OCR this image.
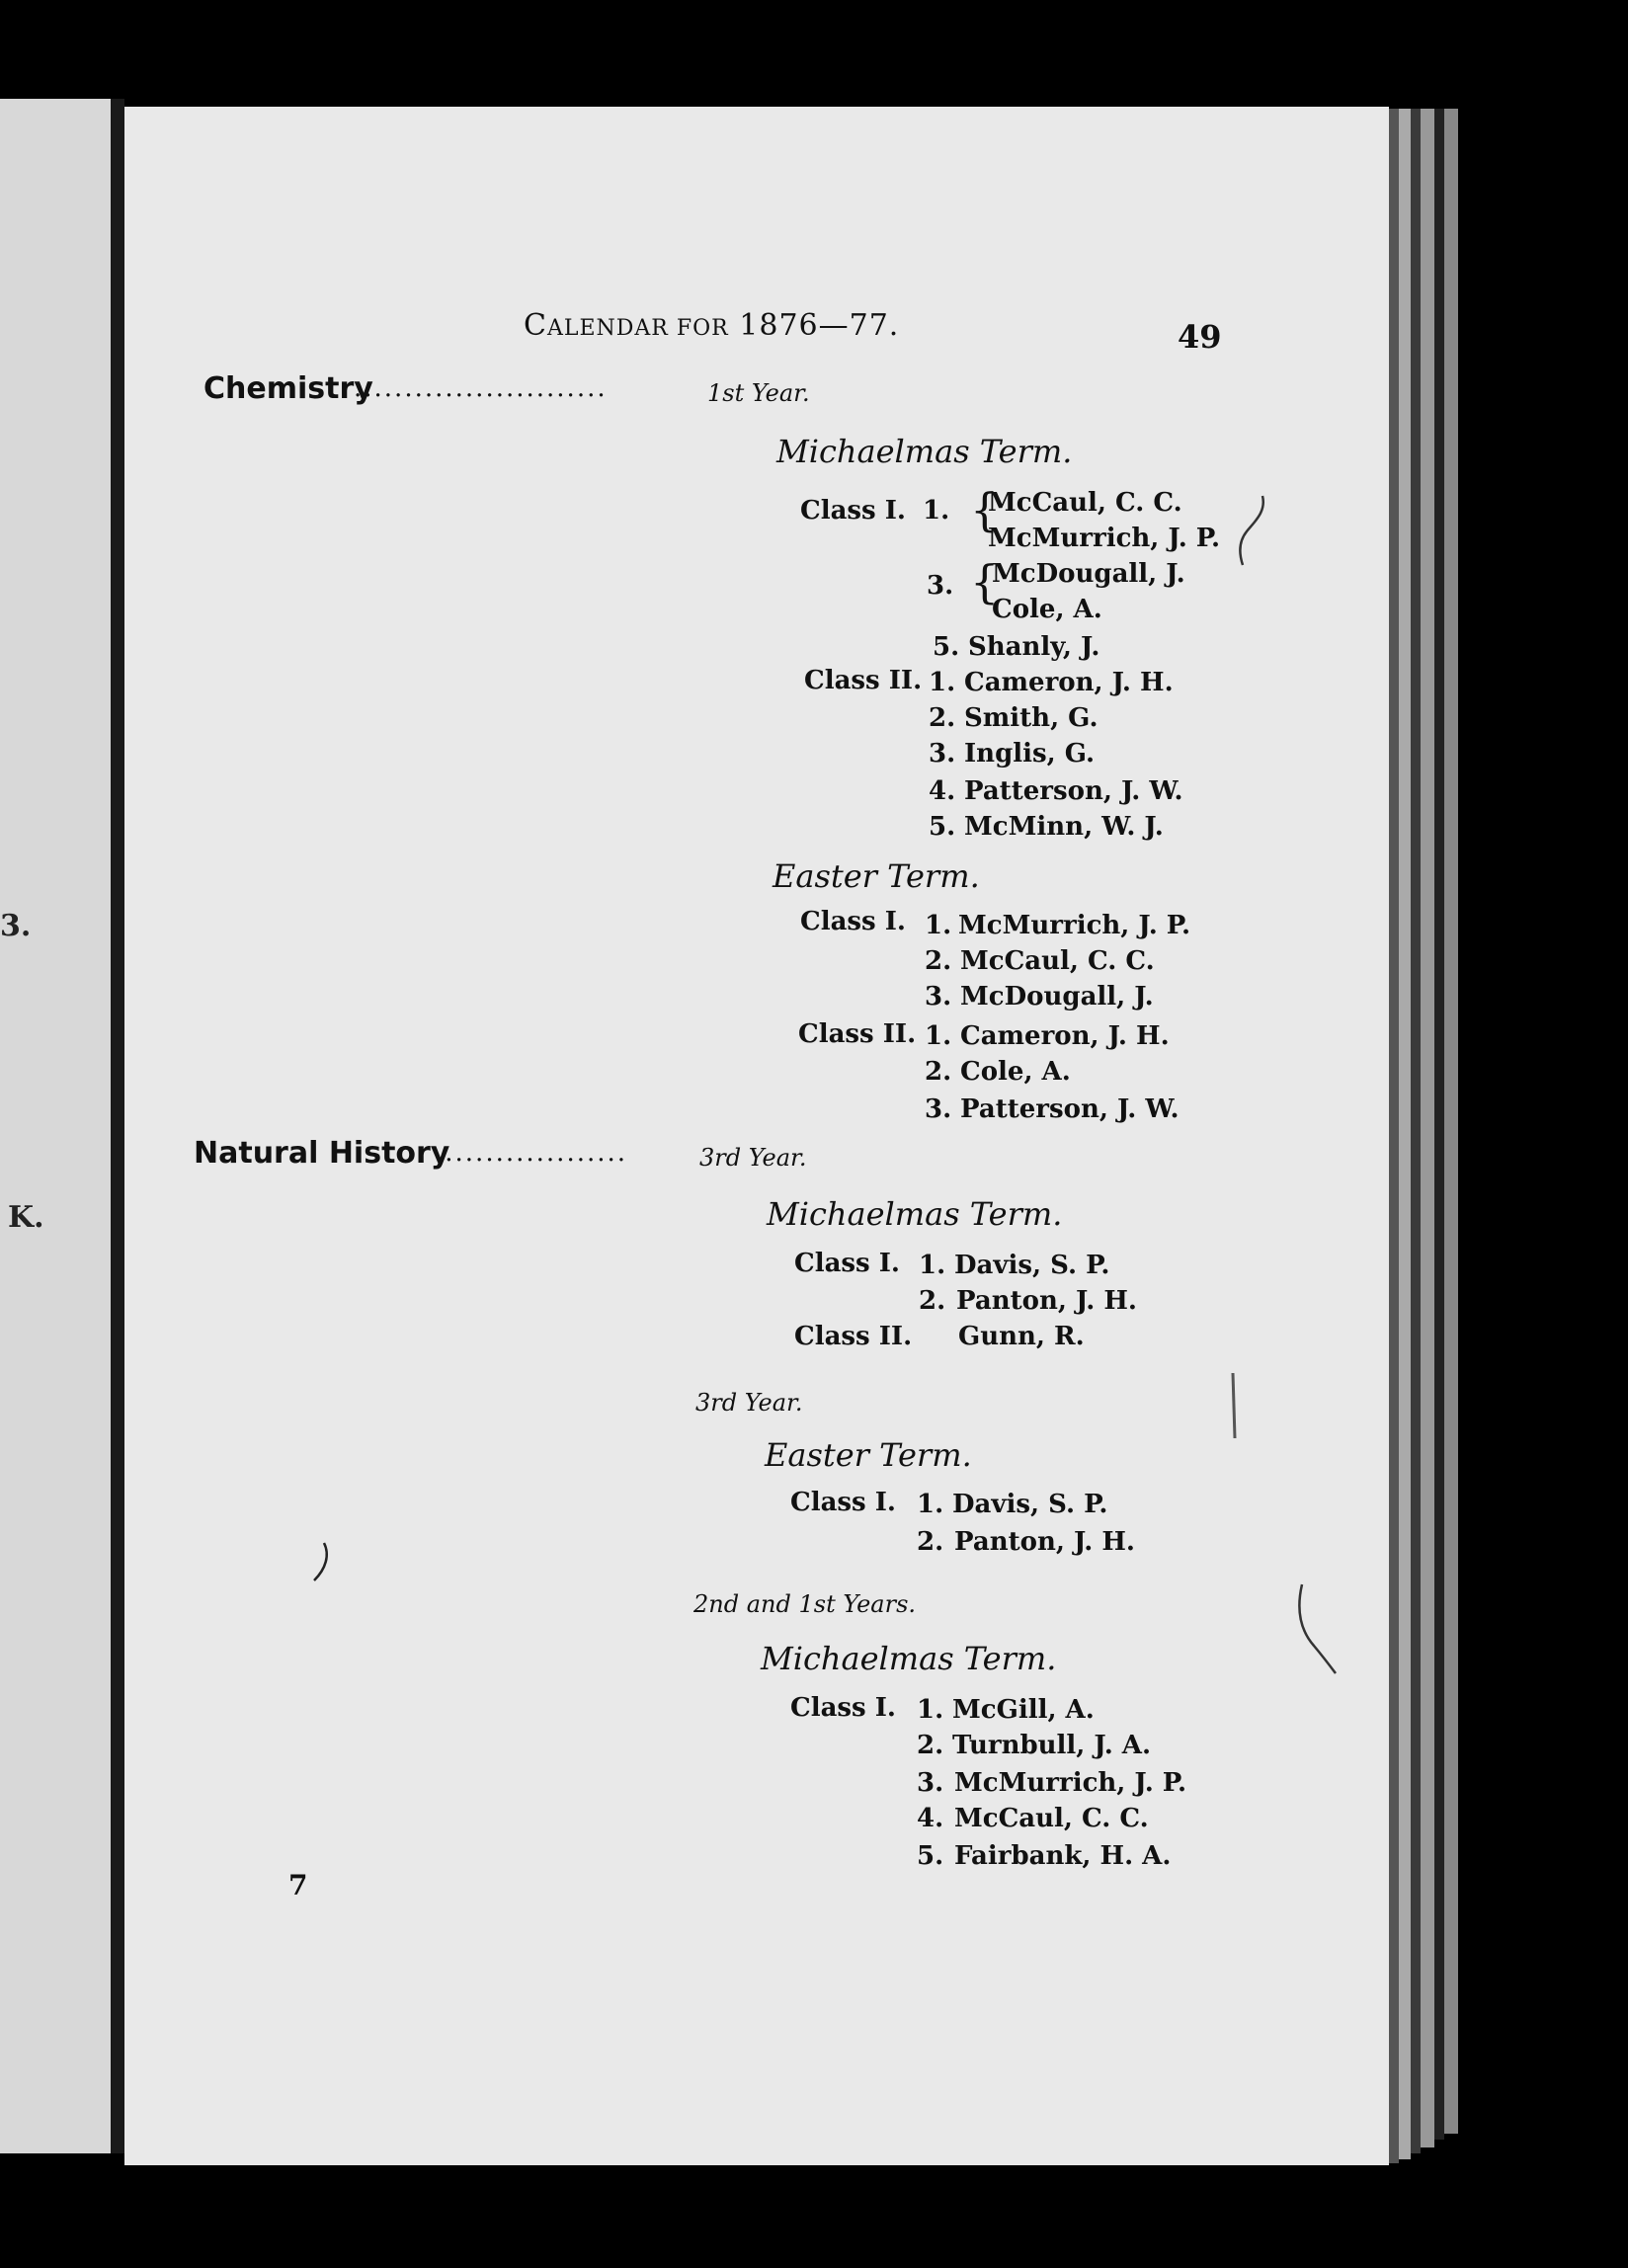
3.
K.
CALENDAR FOR 1876—77.	49
Chemistry
.........................	1st Year.
Michaelmas Term.
Class I. 1. {
McCaul, C. C.
McMurrich, J. P.
3. {
McDougall, J.
Cole, A.
5. Shanly, J.
Class II. 1. Cameron, J. H.
2. Smith, G.
3. Inglis, G.
4. Patterson, J. W.
5. McMinn, W. J.
Easter Term.
Class I. 1. McMurrich, J. P.
2. McCaul, C. C.
3. McDougall, J.
Class II. 1. Cameron, J. H.
2. Cole, A.
3. Patterson, J. W.
Natural History
...................	3rd Year.
Michaelmas Term.
Class I. 1. Davis, S. P.
2. Panton, J. H.
Class II. Gunn, R.
3rd Year.
Easter Term.
Class I. 1. Davis, S. P.
2. Panton, J. H.
2nd and 1st Years.
Michaelmas Term.
Class I. 1. McGill, A.
2. Turnbull, J. A.
3. McMurrich, J. P.
4. McCaul, C. C.
5. Fairbank, H. A.
7
